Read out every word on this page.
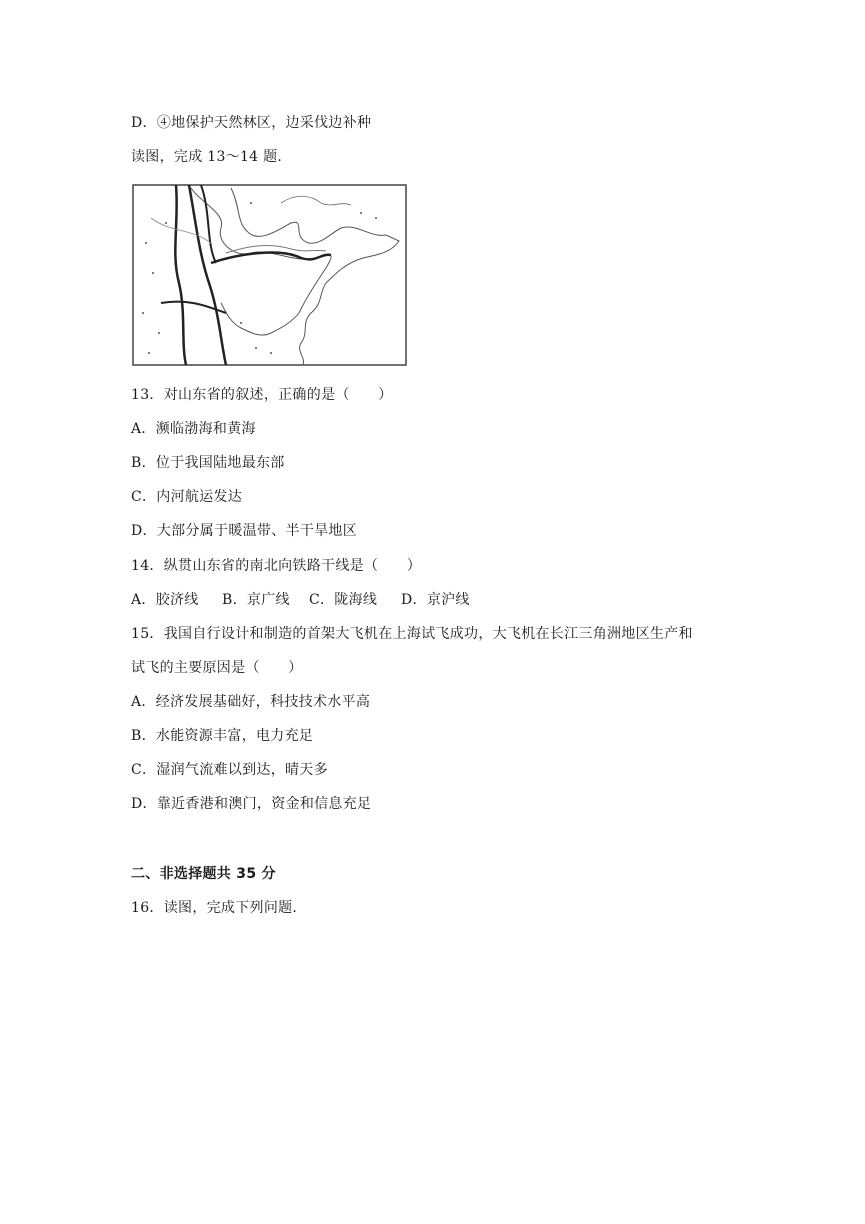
D．④地保护天然林区，边采伐边补种
读图，完成 13～14 题.
13．对山东省的叙述，正确的是（　　）
A．濒临渤海和黄海
B．位于我国陆地最东部
C．内河航运发达
D．大部分属于暖温带、半干旱地区
14．纵贯山东省的南北向铁路干线是（　　）
A．胶济线 B．京广线 C．陇海线 D．京沪线
15．我国自行设计和制造的首架大飞机在上海试飞成功，大飞机在长江三角洲地区生产和
试飞的主要原因是（　　）
A．经济发展基础好，科技技术水平高
B．水能资源丰富，电力充足
C．湿润气流难以到达，晴天多
D．靠近香港和澳门，资金和信息充足
二、非选择题共 35 分
16．读图，完成下列问题.
